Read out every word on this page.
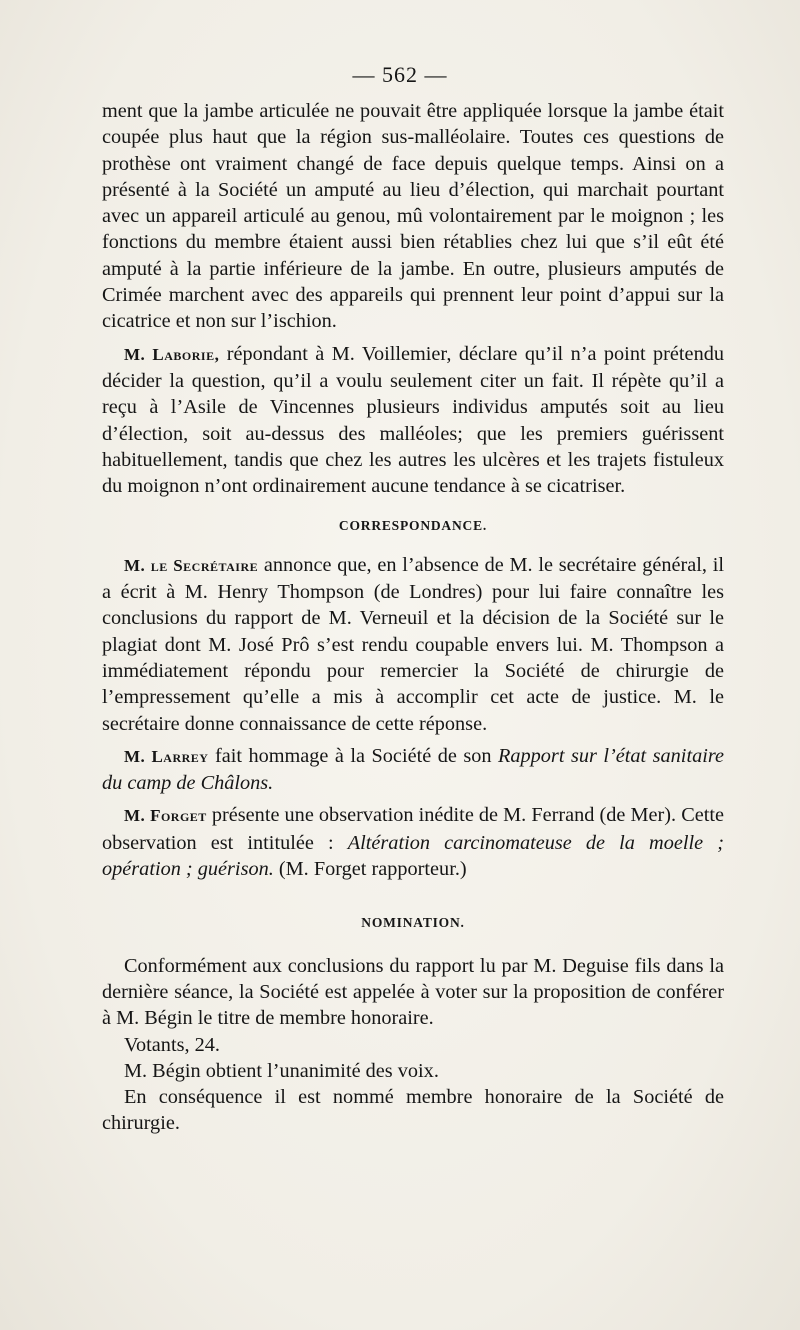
— 562 —

ment que la jambe articulée ne pouvait être appliquée lorsque la jambe était coupée plus haut que la région sus-malléolaire. Toutes ces questions de prothèse ont vraiment changé de face depuis quelque temps. Ainsi on a présenté à la Société un amputé au lieu d’élection, qui marchait pourtant avec un appareil articulé au genou, mû volontairement par le moignon ; les fonctions du membre étaient aussi bien rétablies chez lui que s’il eût été amputé à la partie inférieure de la jambe. En outre, plusieurs amputés de Crimée marchent avec des appareils qui prennent leur point d’appui sur la cicatrice et non sur l’ischion.

M. Laborie, répondant à M. Voillemier, déclare qu’il n’a point prétendu décider la question, qu’il a voulu seulement citer un fait. Il répète qu’il a reçu à l’Asile de Vincennes plusieurs individus amputés soit au lieu d’élection, soit au-dessus des malléoles; que les premiers guérissent habituellement, tandis que chez les autres les ulcères et les trajets fistuleux du moignon n’ont ordinairement aucune tendance à se cicatriser.

CORRESPONDANCE.

M. le Secrétaire annonce que, en l’absence de M. le secrétaire général, il a écrit à M. Henry Thompson (de Londres) pour lui faire connaître les conclusions du rapport de M. Verneuil et la décision de la Société sur le plagiat dont M. José Prô s’est rendu coupable envers lui. M. Thompson a immédiatement répondu pour remercier la Société de chirurgie de l’empressement qu’elle a mis à accomplir cet acte de justice. M. le secrétaire donne connaissance de cette réponse.

M. Larrey fait hommage à la Société de son Rapport sur l’état sanitaire du camp de Châlons.

M. Forget présente une observation inédite de M. Ferrand (de Mer). Cette observation est intitulée : Altération carcinomateuse de la moelle ; opération ; guérison. (M. Forget rapporteur.)

NOMINATION.

Conformément aux conclusions du rapport lu par M. Deguise fils dans la dernière séance, la Société est appelée à voter sur la proposition de conférer à M. Bégin le titre de membre honoraire.

Votants, 24.

M. Bégin obtient l’unanimité des voix.

En conséquence il est nommé membre honoraire de la Société de chirurgie.
